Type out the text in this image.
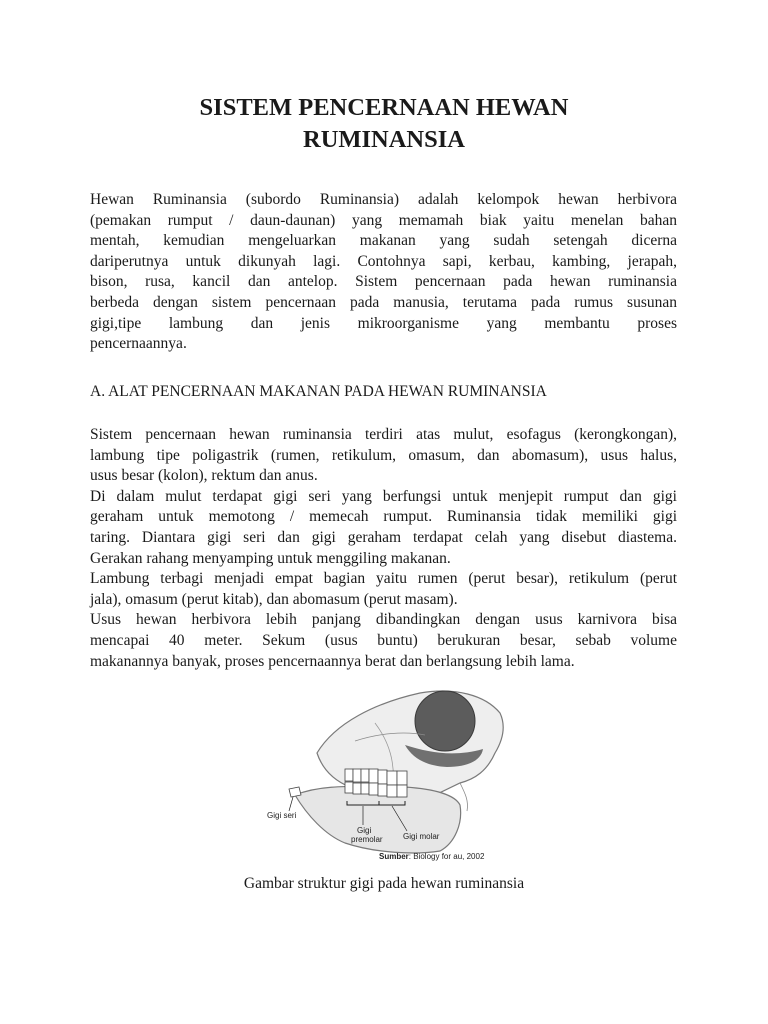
SISTEM PENCERNAAN HEWAN
RUMINANSIA
Hewan Ruminansia (subordo Ruminansia) adalah kelompok hewan herbivora
(pemakan rumput / daun-daunan) yang memamah biak yaitu menelan bahan
mentah, kemudian mengeluarkan makanan yang sudah setengah dicerna
dariperutnya untuk dikunyah lagi. Contohnya sapi, kerbau, kambing, jerapah,
bison, rusa, kancil dan antelop. Sistem pencernaan pada hewan ruminansia
berbeda dengan sistem pencernaan pada manusia, terutama pada rumus susunan
gigi,tipe lambung dan jenis mikroorganisme yang membantu proses
pencernaannya.
A. ALAT PENCERNAAN MAKANAN PADA HEWAN RUMINANSIA
Sistem pencernaan hewan ruminansia terdiri atas mulut, esofagus (kerongkongan),
lambung tipe poligastrik (rumen, retikulum, omasum, dan abomasum), usus halus,
usus besar (kolon), rektum dan anus.
Di dalam mulut terdapat gigi seri yang berfungsi untuk menjepit rumput dan gigi
geraham untuk memotong / memecah rumput. Ruminansia tidak memiliki gigi
taring. Diantara gigi seri dan gigi geraham terdapat celah yang disebut diastema.
Gerakan rahang menyamping untuk menggiling makanan.
Lambung terbagi menjadi empat bagian yaitu rumen (perut besar), retikulum (perut
jala), omasum (perut kitab), dan abomasum (perut masam).
Usus hewan herbivora lebih panjang dibandingkan dengan usus karnivora bisa
mencapai 40 meter. Sekum (usus buntu) berukuran besar, sebab volume
makanannya banyak, proses pencernaannya berat dan berlangsung lebih lama.
Gigi seri
Gigi
premolar	Gigi molar
Sumber: Biology for au, 2002
Gambar struktur gigi pada hewan ruminansia
